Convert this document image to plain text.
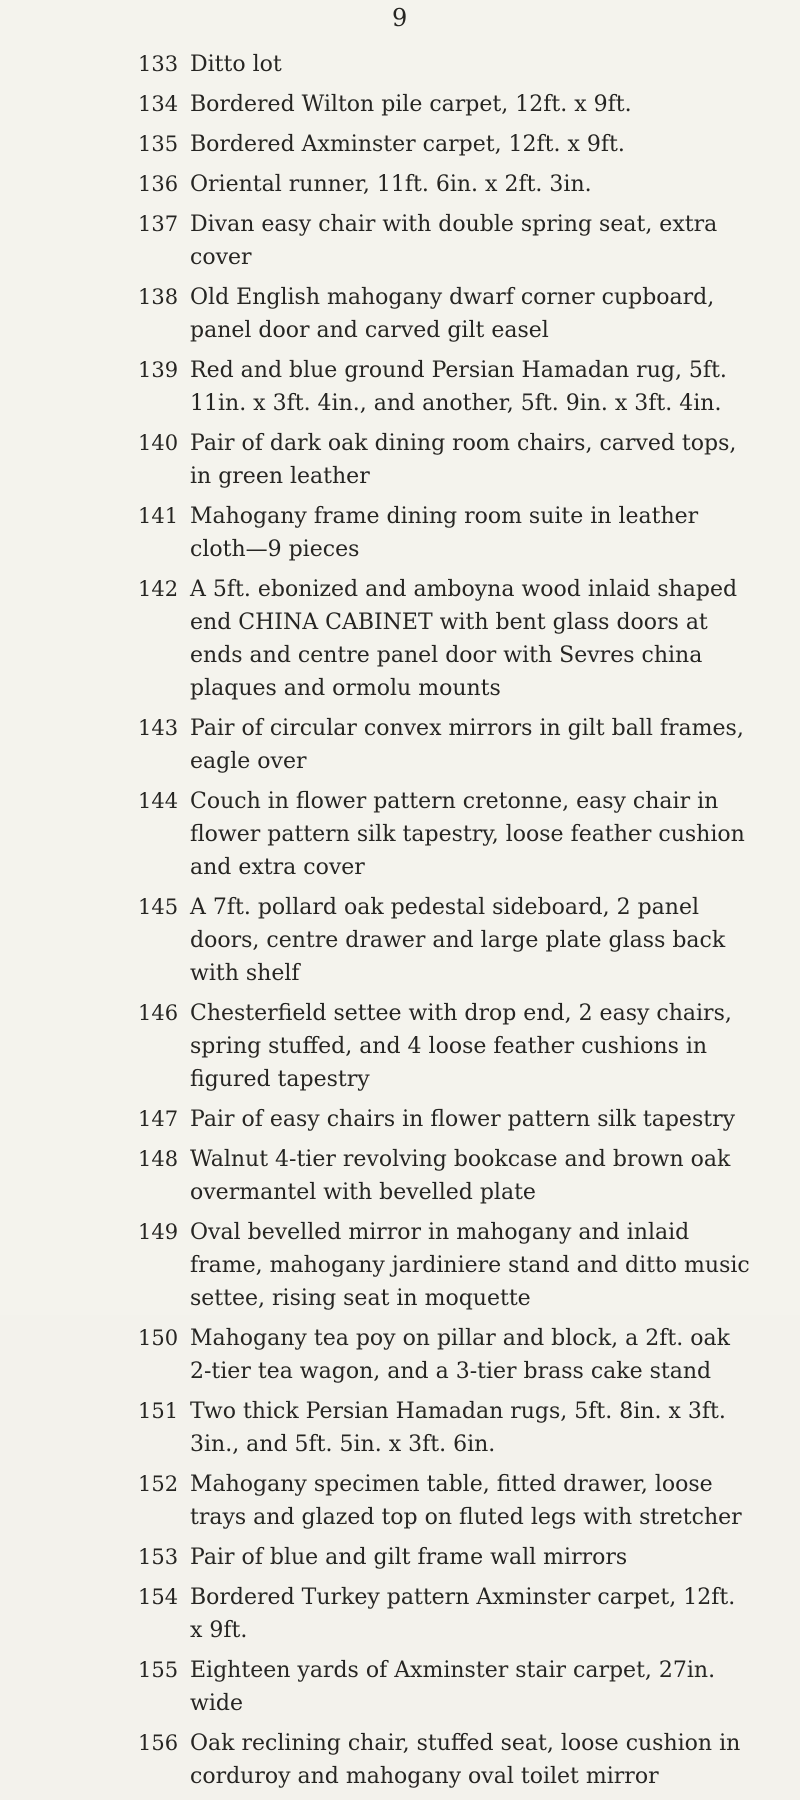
9
133 Ditto lot
134 Bordered Wilton pile carpet, 12ft. x 9ft.
135 Bordered Axminster carpet, 12ft. x 9ft.
136 Oriental runner, 11ft. 6in. x 2ft. 3in.
137 Divan easy chair with double spring seat, extra cover
138 Old English mahogany dwarf corner cupboard, panel door and carved gilt easel
139 Red and blue ground Persian Hamadan rug, 5ft. 11in. x 3ft. 4in., and another, 5ft. 9in. x 3ft. 4in.
140 Pair of dark oak dining room chairs, carved tops, in green leather
141 Mahogany frame dining room suite in leather cloth—9 pieces
142 A 5ft. ebonized and amboyna wood inlaid shaped end CHINA CABINET with bent glass doors at ends and centre panel door with Sevres china plaques and ormolu mounts
143 Pair of circular convex mirrors in gilt ball frames, eagle over
144 Couch in flower pattern cretonne, easy chair in flower pattern silk tapestry, loose feather cushion and extra cover
145 A 7ft. pollard oak pedestal sideboard, 2 panel doors, centre drawer and large plate glass back with shelf
146 Chesterfield settee with drop end, 2 easy chairs, spring stuffed, and 4 loose feather cushions in figured tapestry
147 Pair of easy chairs in flower pattern silk tapestry
148 Walnut 4-tier revolving bookcase and brown oak overmantel with bevelled plate
149 Oval bevelled mirror in mahogany and inlaid frame, mahogany jardiniere stand and ditto music settee, rising seat in moquette
150 Mahogany tea poy on pillar and block, a 2ft. oak 2-tier tea wagon, and a 3-tier brass cake stand
151 Two thick Persian Hamadan rugs, 5ft. 8in. x 3ft. 3in., and 5ft. 5in. x 3ft. 6in.
152 Mahogany specimen table, fitted drawer, loose trays and glazed top on fluted legs with stretcher
153 Pair of blue and gilt frame wall mirrors
154 Bordered Turkey pattern Axminster carpet, 12ft. x 9ft.
155 Eighteen yards of Axminster stair carpet, 27in. wide
156 Oak reclining chair, stuffed seat, loose cushion in corduroy and mahogany oval toilet mirror
